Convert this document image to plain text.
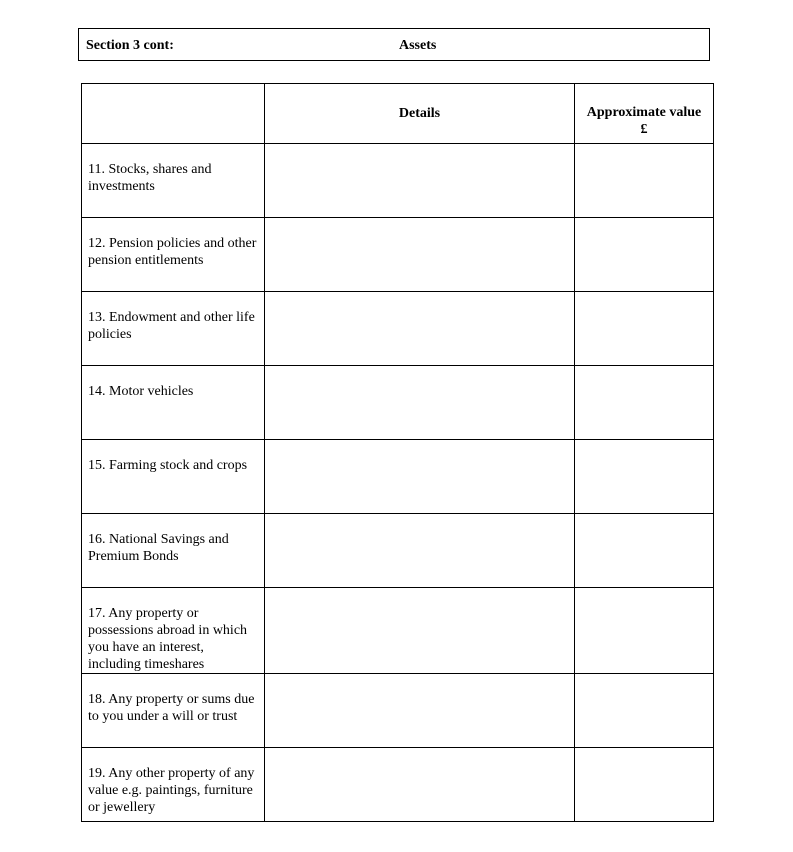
Section 3 cont:	Assets
	Details	Approximate value
£

11. Stocks, shares and investments		
12. Pension policies and other pension entitlements		
13. Endowment and other life policies		
14. Motor vehicles		
15. Farming stock and crops		
16. National Savings and Premium Bonds		
17. Any property or possessions abroad in which you have an interest, including timeshares		
18. Any property or sums due to you under a will or trust		
19. Any other property of any value e.g. paintings, furniture or jewellery		
